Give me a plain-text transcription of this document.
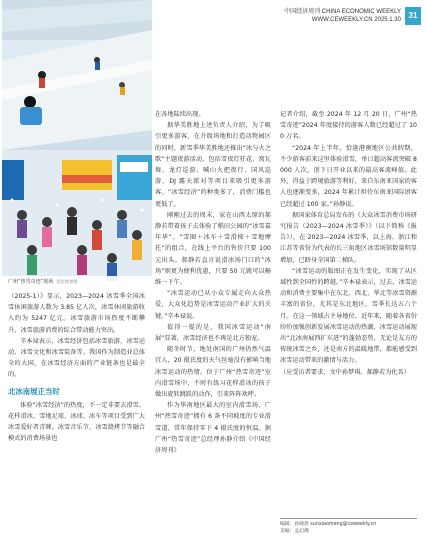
中国经济周刊 CHINA ECONOMIC WEEKLY
WWW.CEWEEKLY.CN 2025.1.30 31
广州“热雪奇迹”现场 受访者/供图

（2025-1）》显示，2023—2024 冰雪季全国冰雪休闲旅游人数为 3.85 亿人次，冰雪休闲旅游收入约为 5247 亿元。冰雪旅游市场热度不断攀升，冰雪旅游消费的综合带动能力突出。

辛本禄表示，冰雪经济包括冰雪旅游、冰雪运动、冰雪文化和冰雪装备等。我国作为制造业总体全的大国，在冰雪经济方面的产业链条也是最全的。

北冰南展正当时

体验“冰雪经济”的热度，不一定非要去滑雪。花样滑冰、雪地足球、冰球、冰车等项目受到广大冰雪爱好者青睐。冰雪音乐节、冰雪烧烤节等融合模式的消费场景也

在各地陆续出现。

据华美胜地上述负责人介绍，为了吸引更多游客，在升级场地和打造动物园区的同时，新雪季华美胜地还推出“冰与火之歌”主题夜游活动，包括雪夜灯狂花、窝瓦舞、龙灯巡游、喊山火把夜行、国风巡游、DJ 露天派对等项目来吸引更多游客。“冰雪经济”的种类多了，消费门槛也更低了。

刚刚过去的周末，家在山西太原的郝静若带着孩子去体验了稻田公园的“冰雪嘉年华”。“雪圈＋冰车＋雪滑梯＋雪地摩托”的组合，在线上平台的售价只要 100 元出头。郝静若直言说滑冰场门口的“冰场”则更为便利优惠，只要 50 元就可以畅维一下午。

“冰雪运动已从小众专属走向大众热爱，大众化趋势是冰雪运动产业扩大的关键。”辛本禄说。

值得一提的是，我国冰雪运动“南展”显著，冰雪经济也不再是北方独宠。

随冬时节，地处南国的广州仍然气温宜人，20 摄氏度的天气丝毫没有影响当地冰雪运动的热情。位于广州“热雪奇迹”室内滑雪场中，不时有练习花样滑冰的孩子做出旋转跳跃的动作，引来阵阵欢呼。

作为华南地区最大的室内滑雪场，广州“热雪奇迹”拥有 6 条不同坡度的专业滑雪道，常年保持零下 4 摄氏度的恒温。据广州“热雪奇迹”总经理孙静介绍《中国经济周刊》

记者介绍，截至 2024 年 12 月 20 日，广州“热雪奇迹”2024 年度接待的游客人数已经超过了 100 万名。

“2024 年上半年，恰逢港澳地区公共假期，不少游客前来这里体验滑雪，单日超高客流突破 8000 人次，创下日开业以来的最高客流峰值。此外，得益于跨境旅游等利好，来自东南亚国家的客人也逐渐变多，2024 年累计担待东南亚国际团客已经超过 100 家。”孙静说。

据国家体育总局发布的《大众冰雪消费市场研究报告（2023—2024 冰雪季）》（以下简称《报告》），在 2023—2024 冰雪季，以上海、浙江和江苏等省份为代表的长三角地区冰雪场馆数量明显增加，已跻身全国第二梯队。

“冰雪运动的版图正在发生变化，实现了从区域性到全国性的跨越。”辛本禄表示，过去，冰雪运动和消费主要集中在东北、西北、华北等冰雪资源丰富的省份，尤其是东北地区，雪季长达五六个月。在这一领域占主导地位。近年来，随着各省份纷纷加强创新发展冰雪运动的热潮，冰雪运动展现出“北冰南展西扩东进”的蓬勃态势，无论是友方的传统冰雪之乡，还是南方的温暖地带，都能感受到冰雪运动带来的激情与活力。

（应受访者要求，文中孙梦琪、郝静若为化名）

编辑：孙晓晨 sunxiaomeng@ceweekly.cn
美编：孟幻佛
